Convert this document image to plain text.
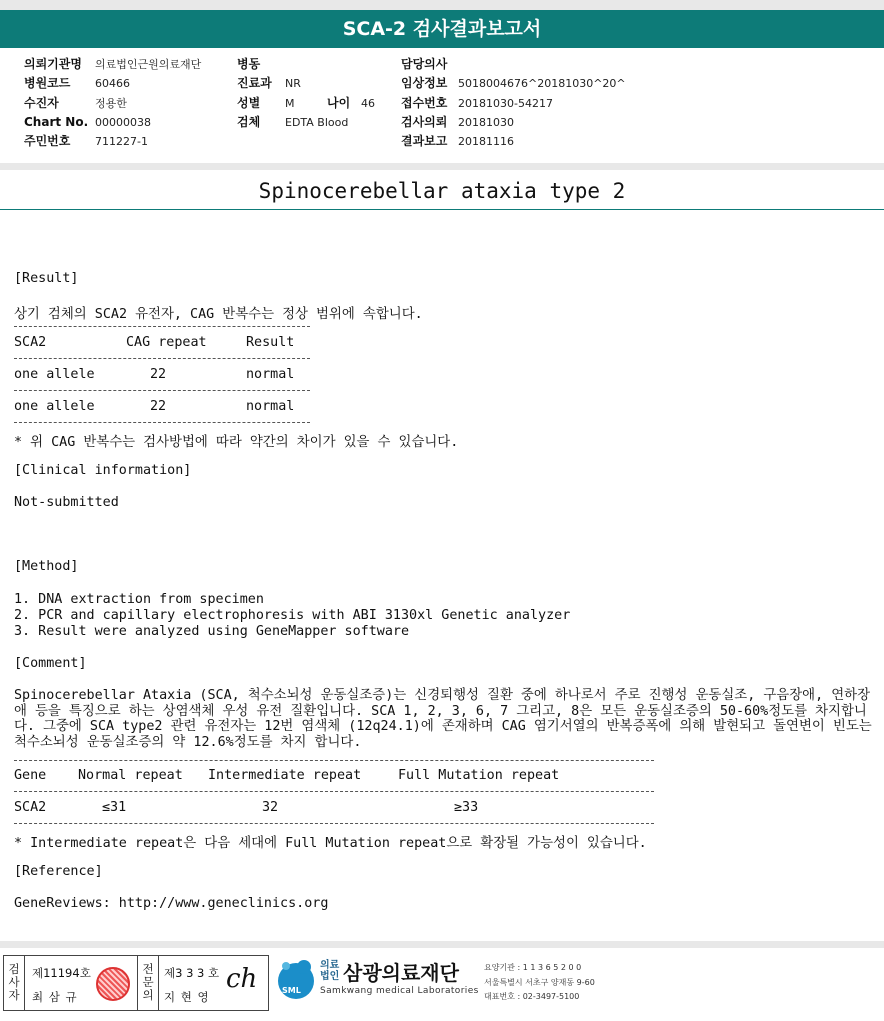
SCA-2 검사결과보고서
의뢰기관명 의료법인근원의료재단
병원코드 60466
수진자	정용한
Chart No. 00000038
주민번호 711227-1
병동
진료과 NR
성별 M	나이 46
검체 EDTA Blood
담당의사
임상정보 5018004676^20181030^20^
접수번호 20181030-54217
검사의뢰 20181030
결과보고 20181116
Spinocerebellar ataxia type 2
[Result]
상기 검체의 SCA2 유전자, CAG 반복수는 정상 범위에 속합니다.
SCA2	CAG repeat	Result
one allele	22	normal
one allele	22	normal
* 위 CAG 반복수는 검사방법에 따라 약간의 차이가 있을 수 있습니다.
[Clinical information]
Not-submitted
[Method]
1. DNA extraction from specimen
2. PCR and capillary electrophoresis with ABI 3130xl Genetic analyzer
3. Result were analyzed using GeneMapper software
[Comment]
Spinocerebellar Ataxia (SCA, 척수소뇌성 운동실조증)는 신경퇴행성 질환 중에 하나로서 주로 진행성 운동실조, 구음장애, 연하장애 등을 특징으로 하는 상염색체 우성 유전 질환입니다. SCA 1, 2, 3, 6, 7 그리고, 8은 모든 운동실조증의 50-60%정도를 차지합니다. 그중에 SCA type2 관련 유전자는 12번 염색체 (12q24.1)에 존재하며 CAG 염기서열의 반복증폭에 의해 발현되고 돌연변이 빈도는 척수소뇌성 운동실조증의 약 12.6%정도를 차지 합니다.
Gene Normal repeat Intermediate repeat	Full Mutation repeat
SCA2	≤31	32	≥33
* Intermediate repeat은 다음 세대에 Full Mutation repeat으로 확장될 가능성이 있습니다.
[Reference]
GeneReviews: http://www.geneclinics.org
검
사
자
제11194호
최 삼 규
전
문
의
제3 3 3 호
지 현 영
ch	SML
의료
법인 삼광의료재단
Samkwang medical Laboratories
요양기관 : 1 1 3 6 5 2 0 0
서울특별시 서초구 양재동 9-60
대표번호 : 02-3497-5100
